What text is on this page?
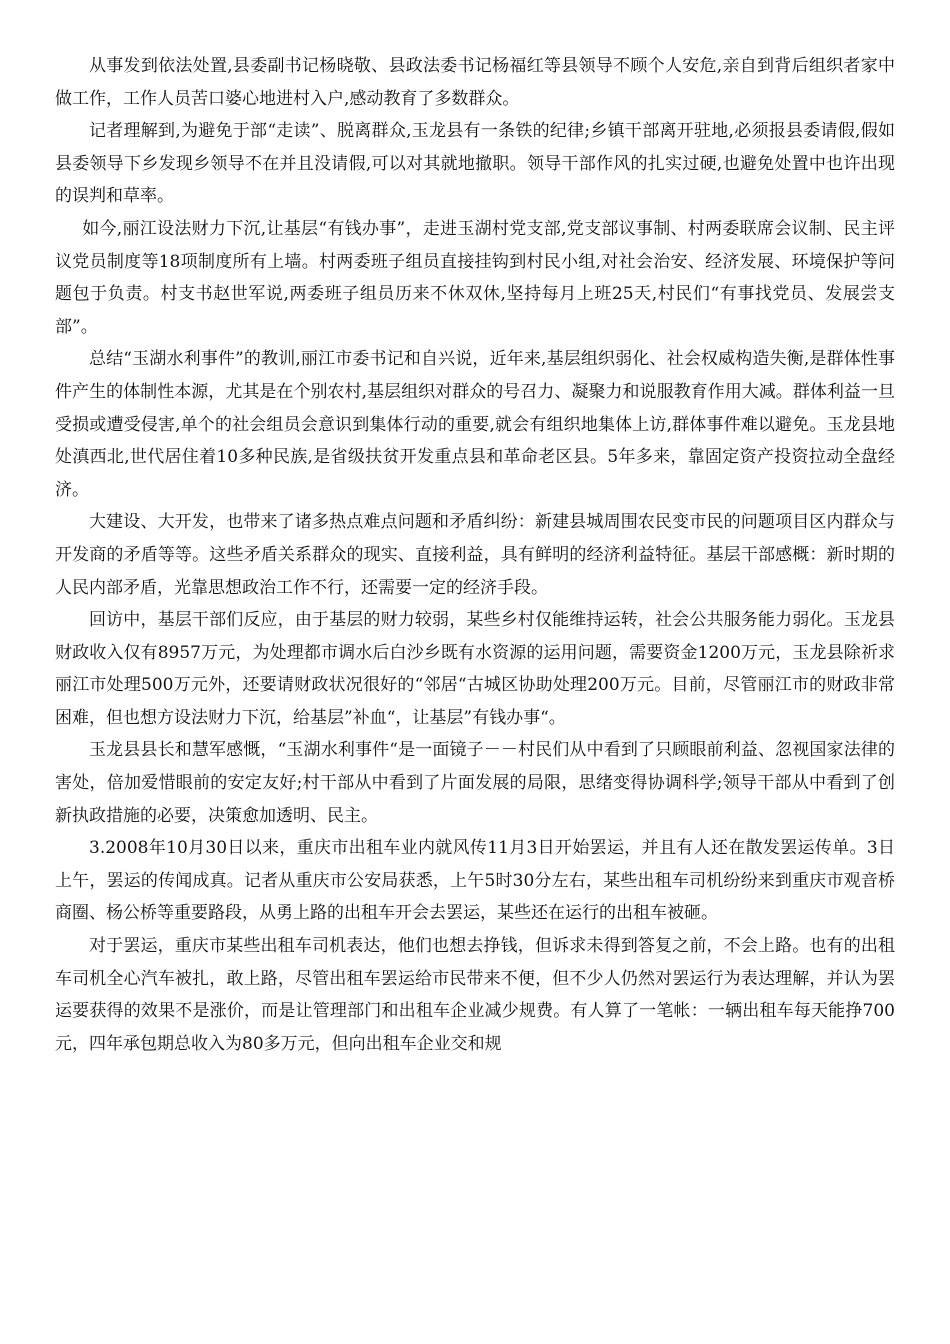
从事发到依法处置,县委副书记杨晓敬、县政法委书记杨福红等县领导不顾个人安危,亲自到背后组织者家中做工作，工作人员苦口婆心地进村入户,感动教育了多数群众。

记者理解到,为避免于部“走读”、脱离群众,玉龙县有一条铁的纪律;乡镇干部离开驻地,必须报县委请假,假如县委领导下乡发现乡领导不在并且没请假,可以对其就地撤职。领导干部作风的扎实过硬,也避免处置中也许出现的误判和草率。

如今,丽江设法财力下沉,让基层“有钱办事”，走进玉湖村党支部,党支部议事制、村两委联席会议制、民主评议党员制度等18项制度所有上墙。村两委班子组员直接挂钩到村民小组,对社会治安、经济发展、环境保护等问题包于负责。村支书赵世军说,两委班子组员历来不休双休,坚持每月上班25天,村民们“有事找党员、发展尝支部”。

总结“玉湖水利事件”的教训,丽江市委书记和自兴说，近年来,基层组织弱化、社会权威构造失衡,是群体性事件产生的体制性本源，尤其是在个别农村,基层组织对群众的号召力、凝聚力和说服教育作用大减。群体利益一旦受损或遭受侵害,单个的社会组员会意识到集体行动的重要,就会有组织地集体上访,群体事件难以避免。玉龙县地处滇西北,世代居住着10多种民族,是省级扶贫开发重点县和革命老区县。5年多来，靠固定资产投资拉动全盘经济。

大建设、大开发，也带来了诸多热点难点问题和矛盾纠纷：新建县城周围农民变市民的问题项目区内群众与开发商的矛盾等等。这些矛盾关系群众的现实、直接利益，具有鲜明的经济利益特征。基层干部感概：新时期的人民内部矛盾，光靠思想政治工作不行，还需要一定的经济手段。

回访中，基层干部们反应，由于基层的财力较弱，某些乡村仅能维持运转，社会公共服务能力弱化。玉龙县财政收入仅有8957万元，为处理都市调水后白沙乡既有水资源的运用问题，需要资金1200万元，玉龙县除祈求丽江市处理500万元外，还要请财政状况很好的“邻居“古城区协助处理200万元。目前，尽管丽江市的财政非常困难，但也想方设法财力下沉，给基层”补血“，让基层”有钱办事“。

玉龙县县长和慧军感慨，“玉湖水利事件“是一面镜子－－村民们从中看到了只顾眼前利益、忽视国家法律的害处，倍加爱惜眼前的安定友好;村干部从中看到了片面发展的局限，思绪变得协调科学;领导干部从中看到了创新执政措施的必要，决策愈加透明、民主。

3.2008年10月30日以来，重庆市出租车业内就风传11月3日开始罢运，并且有人还在散发罢运传单。3日上午，罢运的传闻成真。记者从重庆市公安局获悉，上午5时30分左右，某些出租车司机纷纷来到重庆市观音桥商圈、杨公桥等重要路段，从勇上路的出租车开会去罢运，某些还在运行的出租车被砸。

对于罢运，重庆市某些出租车司机表达，他们也想去挣钱，但诉求未得到答复之前，不会上路。也有的出租车司机全心汽车被扎，敢上路，尽管出租车罢运给市民带来不便，但不少人仍然对罢运行为表达理解，并认为罢运要获得的效果不是涨价，而是让管理部门和出租车企业减少规费。有人算了一笔帐：一辆出租车每天能挣700元，四年承包期总收入为80多万元，但向出租车企业交和规
